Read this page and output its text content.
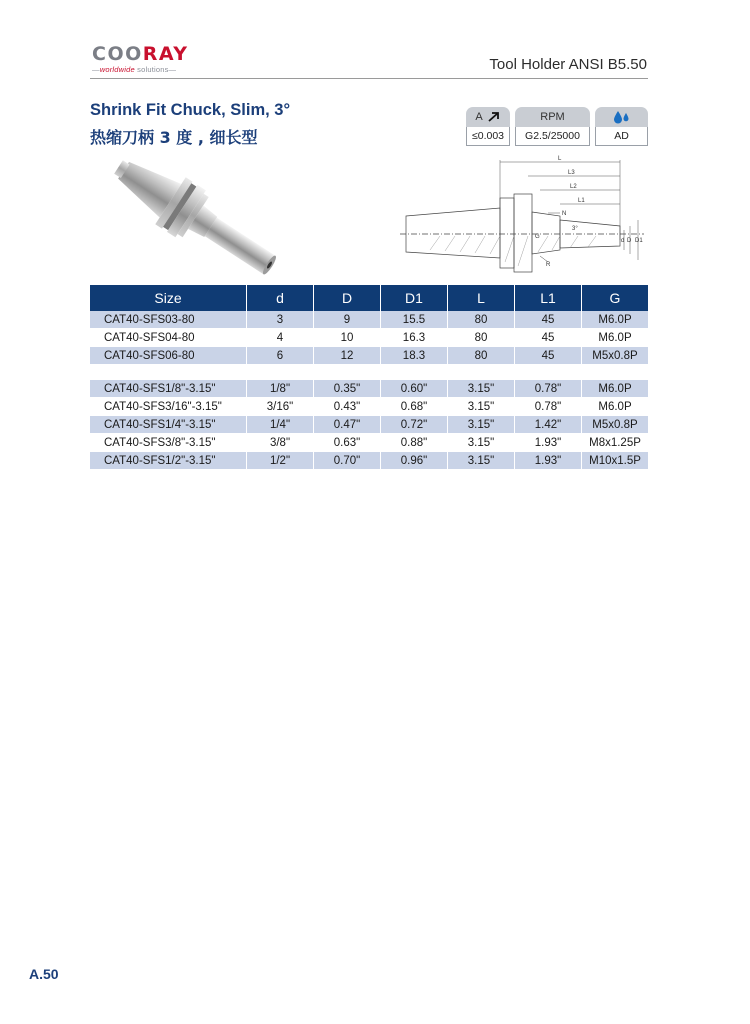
COORAY
—worldwide solutions—	Tool Holder ANSI B5.50
Shrink Fit Chuck, Slim, 3°
热缩刀柄 3 度 , 细长型
A
≤0.003
RPM
G2.5/25000	AD
L
L3
L2
L1
N
G
3°
d D D1
R
Size	d	D	D1	L	L1	G
CAT40-SFS03-80	3	9	15.5	80	45	M6.0P
CAT40-SFS04-80	4	10	16.3	80	45	M6.0P
CAT40-SFS06-80	6	12	18.3	80	45	M5x0.8P

CAT40-SFS1/8"-3.15"	1/8"	0.35"	0.60"	3.15"	0.78"	M6.0P
CAT40-SFS3/16"-3.15"	3/16"	0.43"	0.68"	3.15"	0.78"	M6.0P
CAT40-SFS1/4"-3.15"	1/4"	0.47"	0.72"	3.15"	1.42"	M5x0.8P
CAT40-SFS3/8"-3.15"	3/8"	0.63"	0.88"	3.15"	1.93"	M8x1.25P
CAT40-SFS1/2"-3.15"	1/2"	0.70"	0.96"	3.15"	1.93"	M10x1.5P
A.50
